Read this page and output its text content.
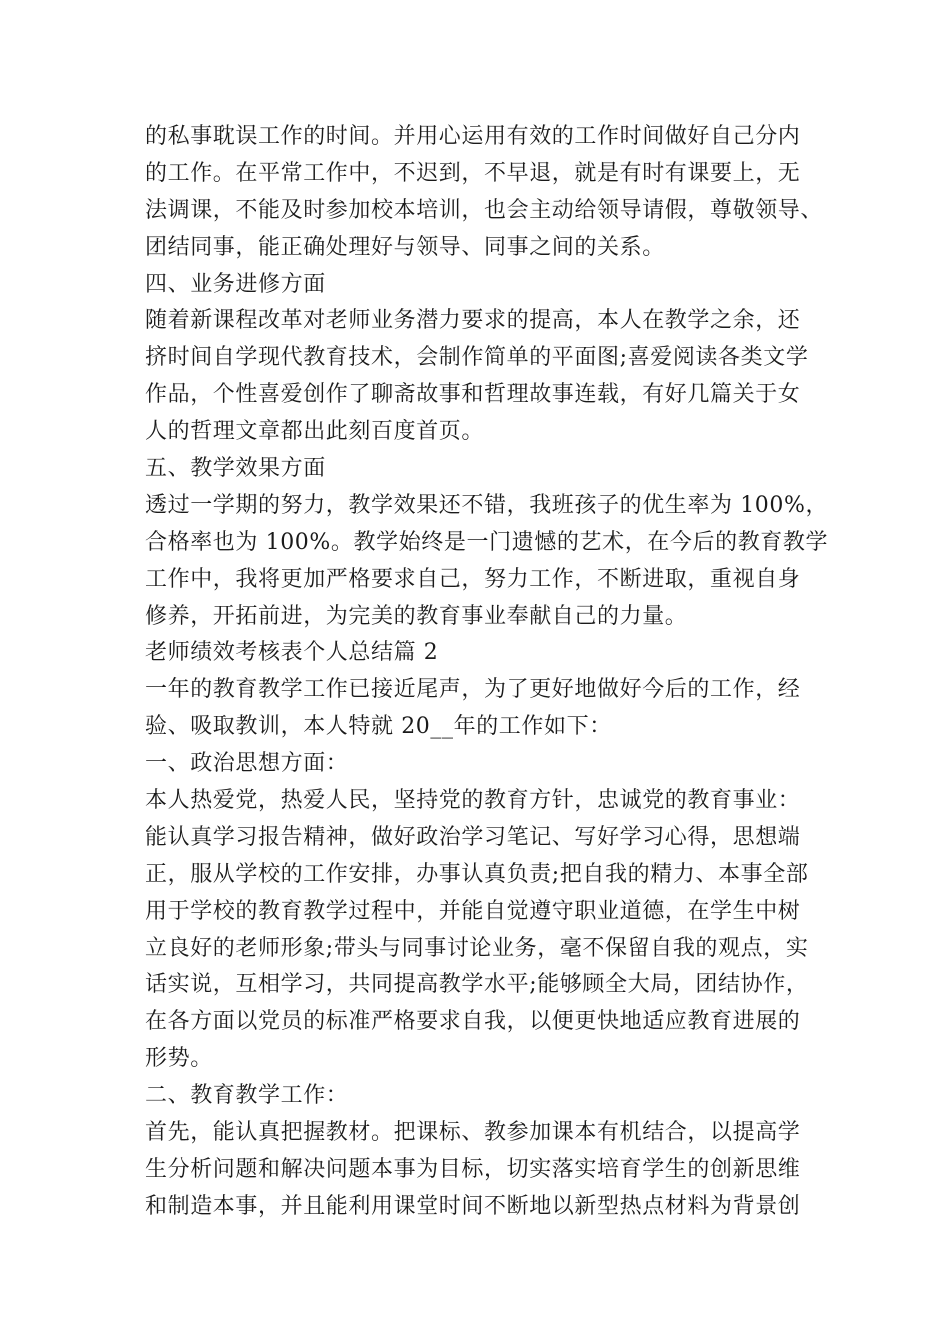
的私事耽误工作的时间。并用心运用有效的工作时间做好自己分内
的工作。在平常工作中，不迟到，不早退，就是有时有课要上，无
法调课，不能及时参加校本培训，也会主动给领导请假，尊敬领导、
团结同事，能正确处理好与领导、同事之间的关系。
四、业务进修方面
随着新课程改革对老师业务潜力要求的提高，本人在教学之余，还
挤时间自学现代教育技术，会制作简单的平面图;喜爱阅读各类文学
作品，个性喜爱创作了聊斋故事和哲理故事连载，有好几篇关于女
人的哲理文章都出此刻百度首页。
五、教学效果方面
透过一学期的努力，教学效果还不错，我班孩子的优生率为 100%，
合格率也为 100%。教学始终是一门遗憾的艺术，在今后的教育教学
工作中，我将更加严格要求自己，努力工作，不断进取，重视自身
修养，开拓前进，为完美的教育事业奉献自己的力量。
老师绩效考核表个人总结篇 2
一年的教育教学工作已接近尾声，为了更好地做好今后的工作，经
验、吸取教训，本人特就 20__年的工作如下：
一、政治思想方面：
本人热爱党，热爱人民，坚持党的教育方针，忠诚党的教育事业：
能认真学习报告精神，做好政治学习笔记、写好学习心得，思想端
正，服从学校的工作安排，办事认真负责;把自我的精力、本事全部
用于学校的教育教学过程中，并能自觉遵守职业道德，在学生中树
立良好的老师形象;带头与同事讨论业务，毫不保留自我的观点，实
话实说，互相学习，共同提高教学水平;能够顾全大局，团结协作，
在各方面以党员的标准严格要求自我，以便更快地适应教育进展的
形势。
二、教育教学工作：
首先，能认真把握教材。把课标、教参加课本有机结合，以提高学
生分析问题和解决问题本事为目标，切实落实培育学生的创新思维
和制造本事，并且能利用课堂时间不断地以新型热点材料为背景创
